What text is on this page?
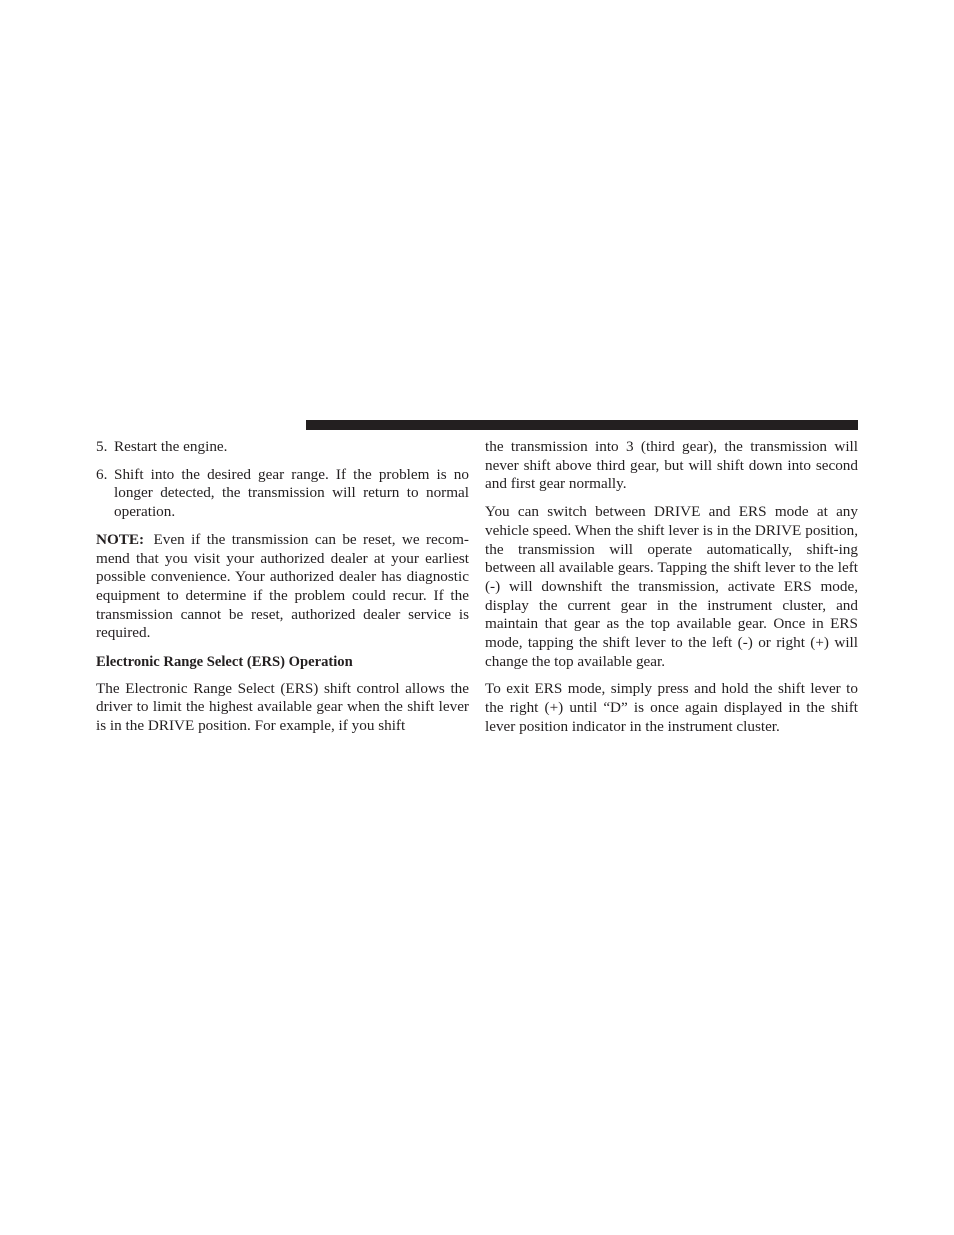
5. Restart the engine.
6. Shift into the desired gear range. If the problem is no longer detected, the transmission will return to normal operation.

NOTE: Even if the transmission can be reset, we recom-mend that you visit your authorized dealer at your earliest possible convenience. Your authorized dealer has diagnostic equipment to determine if the problem could recur. If the transmission cannot be reset, authorized dealer service is required.

Electronic Range Select (ERS) Operation

The Electronic Range Select (ERS) shift control allows the driver to limit the highest available gear when the shift lever is in the DRIVE position. For example, if you shift

the transmission into 3 (third gear), the transmission will never shift above third gear, but will shift down into second and first gear normally.

You can switch between DRIVE and ERS mode at any vehicle speed. When the shift lever is in the DRIVE position, the transmission will operate automatically, shift-ing between all available gears. Tapping the shift lever to the left (-) will downshift the transmission, activate ERS mode, display the current gear in the instrument cluster, and maintain that gear as the top available gear. Once in ERS mode, tapping the shift lever to the left (-) or right (+) will change the top available gear.

To exit ERS mode, simply press and hold the shift lever to the right (+) until “D” is once again displayed in the shift lever position indicator in the instrument cluster.
